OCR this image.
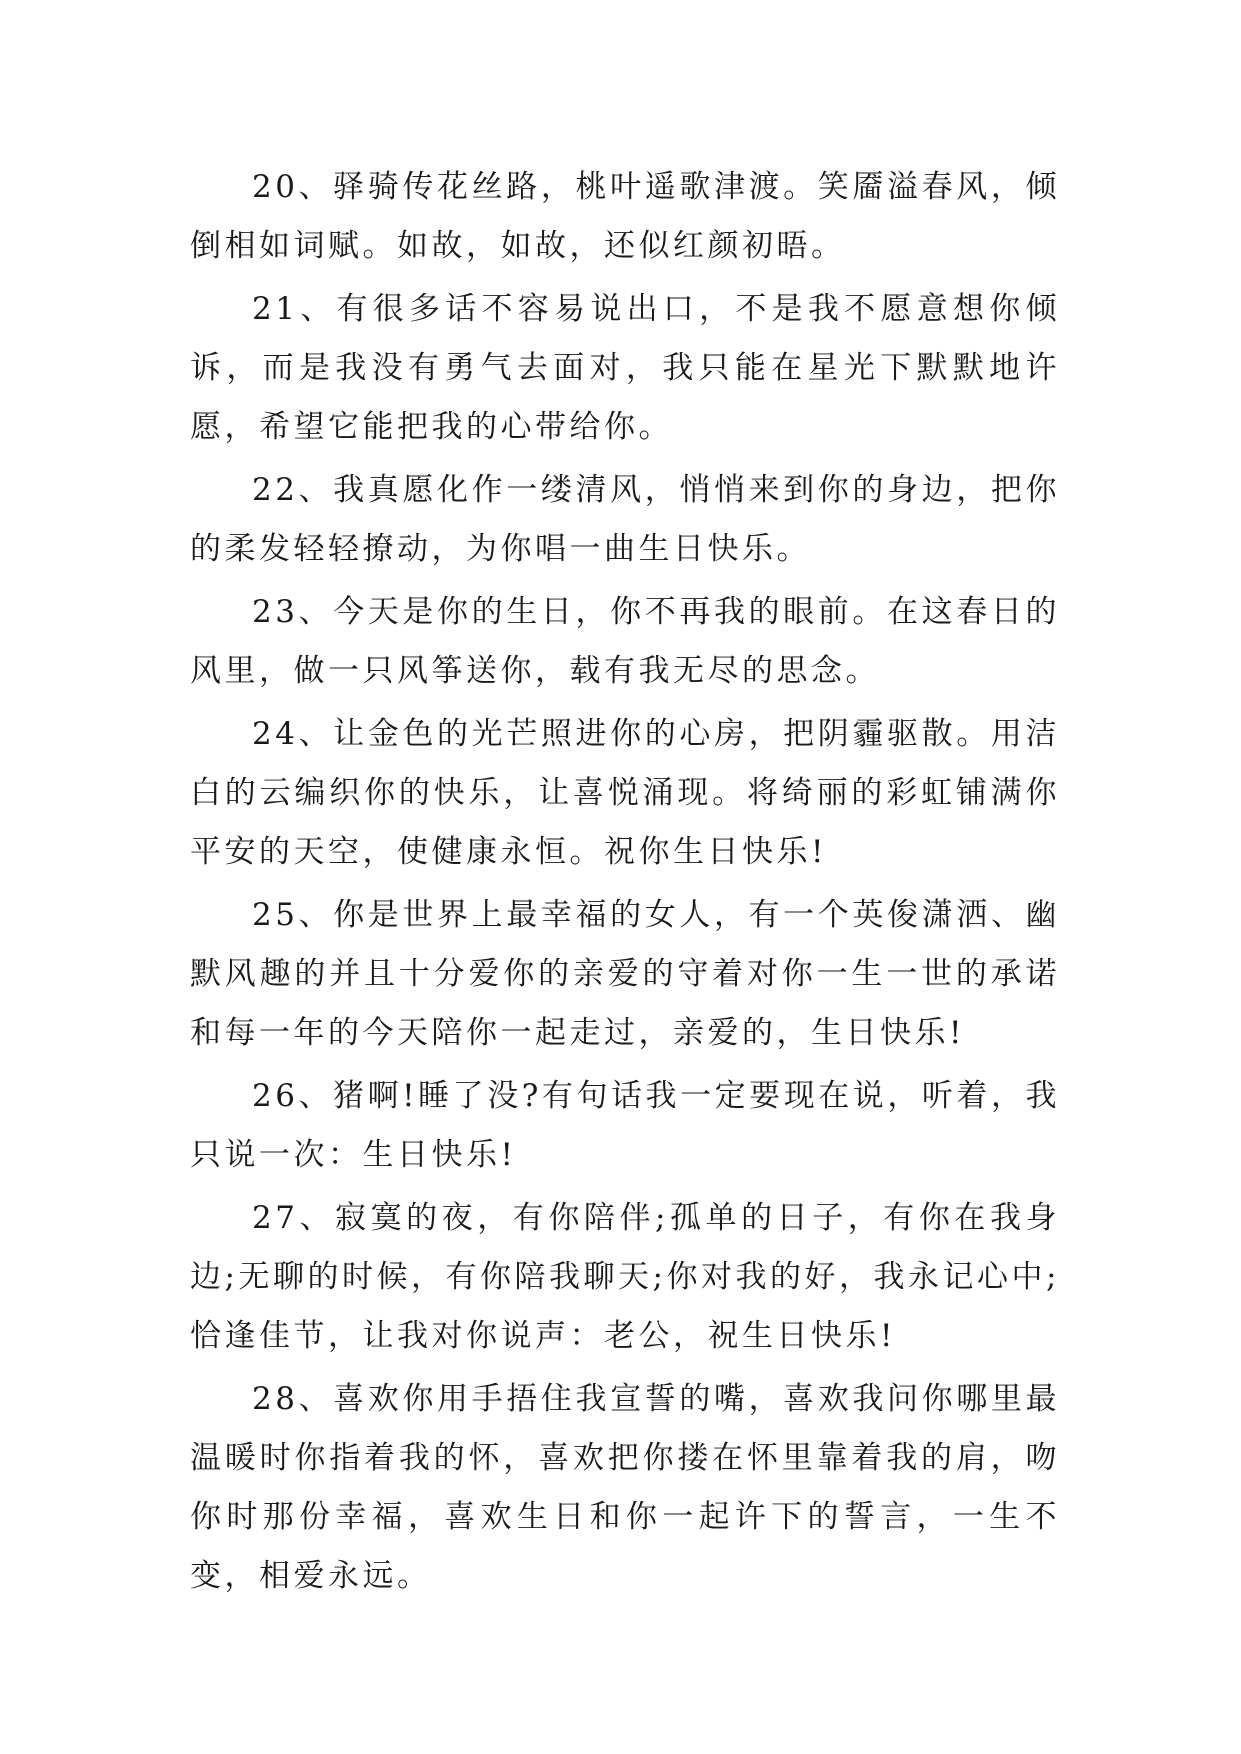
20、驿骑传花丝路，桃叶遥歌津渡。笑靥溢春风，倾倒相如词赋。如故，如故，还似红颜初晤。

21、有很多话不容易说出口，不是我不愿意想你倾诉，而是我没有勇气去面对，我只能在星光下默默地许愿，希望它能把我的心带给你。

22、我真愿化作一缕清风，悄悄来到你的身边，把你的柔发轻轻撩动，为你唱一曲生日快乐。

23、今天是你的生日，你不再我的眼前。在这春日的风里，做一只风筝送你，载有我无尽的思念。

24、让金色的光芒照进你的心房，把阴霾驱散。用洁白的云编织你的快乐，让喜悦涌现。将绮丽的彩虹铺满你平安的天空，使健康永恒。祝你生日快乐!

25、你是世界上最幸福的女人，有一个英俊潇洒、幽默风趣的并且十分爱你的亲爱的守着对你一生一世的承诺和每一年的今天陪你一起走过，亲爱的，生日快乐!

26、猪啊!睡了没?有句话我一定要现在说，听着，我只说一次：生日快乐!

27、寂寞的夜，有你陪伴;孤单的日子，有你在我身边;无聊的时候，有你陪我聊天;你对我的好，我永记心中;恰逢佳节，让我对你说声：老公，祝生日快乐!

28、喜欢你用手捂住我宣誓的嘴，喜欢我问你哪里最温暖时你指着我的怀，喜欢把你搂在怀里靠着我的肩，吻你时那份幸福，喜欢生日和你一起许下的誓言，一生不变，相爱永远。
